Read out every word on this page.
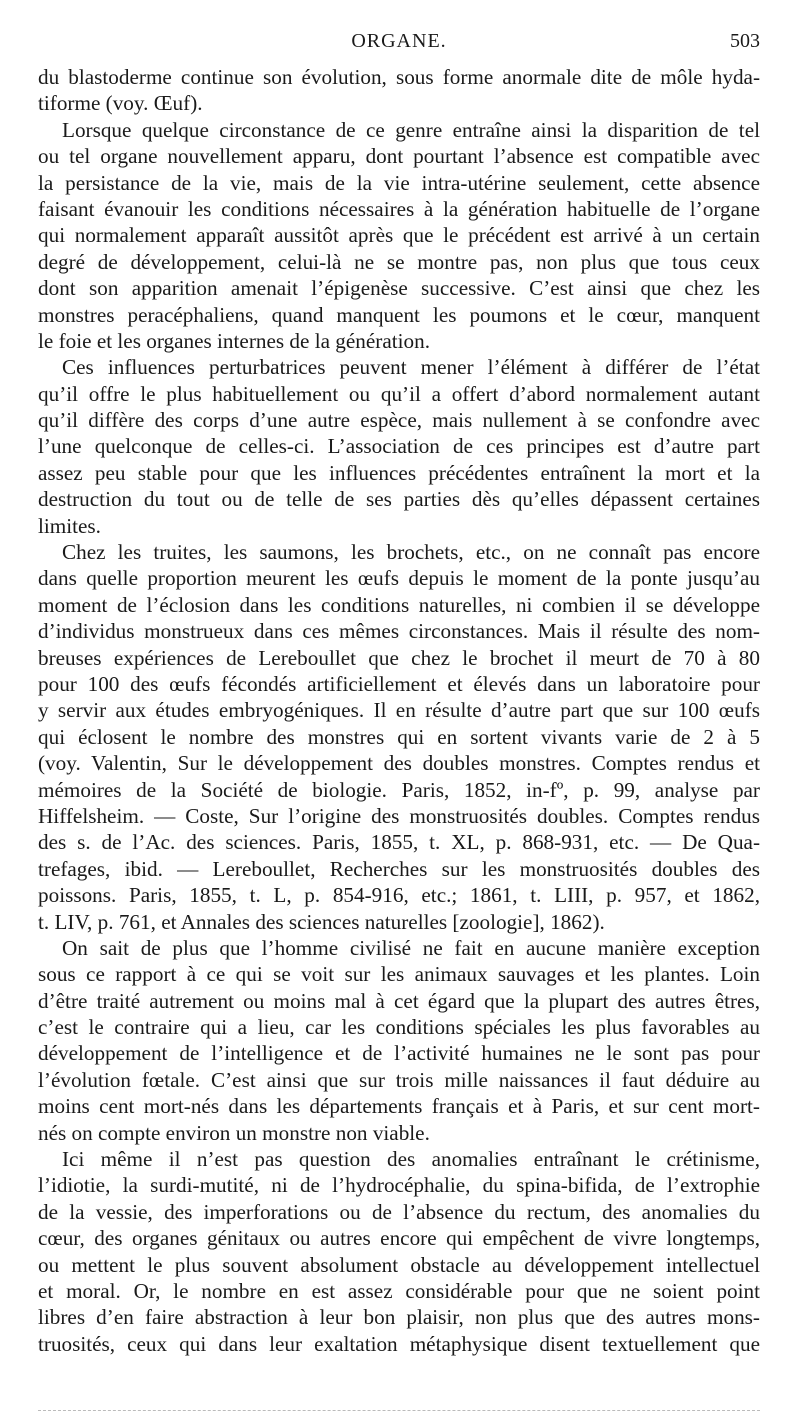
ORGANE.	503
du blastoderme continue son évolution, sous forme anormale dite de môle hyda-
tiforme (voy. Œuf).
Lorsque quelque circonstance de ce genre entraîne ainsi la disparition de tel
ou tel organe nouvellement apparu, dont pourtant l’absence est compatible avec
la persistance de la vie, mais de la vie intra-utérine seulement, cette absence
faisant évanouir les conditions nécessaires à la génération habituelle de l’organe
qui normalement apparaît aussitôt après que le précédent est arrivé à un certain
degré de développement, celui-là ne se montre pas, non plus que tous ceux
dont son apparition amenait l’épigenèse successive. C’est ainsi que chez les
monstres peracéphaliens, quand manquent les poumons et le cœur, manquent
le foie et les organes internes de la génération.
Ces influences perturbatrices peuvent mener l’élément à différer de l’état
qu’il offre le plus habituellement ou qu’il a offert d’abord normalement autant
qu’il diffère des corps d’une autre espèce, mais nullement à se confondre avec
l’une quelconque de celles-ci. L’association de ces principes est d’autre part
assez peu stable pour que les influences précédentes entraînent la mort et la
destruction du tout ou de telle de ses parties dès qu’elles dépassent certaines
limites.
Chez les truites, les saumons, les brochets, etc., on ne connaît pas encore
dans quelle proportion meurent les œufs depuis le moment de la ponte jusqu’au
moment de l’éclosion dans les conditions naturelles, ni combien il se développe
d’individus monstrueux dans ces mêmes circonstances. Mais il résulte des nom-
breuses expériences de Lereboullet que chez le brochet il meurt de 70 à 80
pour 100 des œufs fécondés artificiellement et élevés dans un laboratoire pour
y servir aux études embryogéniques. Il en résulte d’autre part que sur 100 œufs
qui éclosent le nombre des monstres qui en sortent vivants varie de 2 à 5
(voy. Valentin, Sur le développement des doubles monstres. Comptes rendus et
mémoires de la Société de biologie. Paris, 1852, in-fº, p. 99, analyse par
Hiffelsheim. — Coste, Sur l’origine des monstruosités doubles. Comptes rendus
des s. de l’Ac. des sciences. Paris, 1855, t. XL, p. 868-931, etc. — De Qua-
trefages, ibid. — Lereboullet, Recherches sur les monstruosités doubles des
poissons. Paris, 1855, t. L, p. 854-916, etc.; 1861, t. LIII, p. 957, et 1862,
t. LIV, p. 761, et Annales des sciences naturelles [zoologie], 1862).
On sait de plus que l’homme civilisé ne fait en aucune manière exception
sous ce rapport à ce qui se voit sur les animaux sauvages et les plantes. Loin
d’être traité autrement ou moins mal à cet égard que la plupart des autres êtres,
c’est le contraire qui a lieu, car les conditions spéciales les plus favorables au
développement de l’intelligence et de l’activité humaines ne le sont pas pour
l’évolution fœtale. C’est ainsi que sur trois mille naissances il faut déduire au
moins cent mort-nés dans les départements français et à Paris, et sur cent mort-
nés on compte environ un monstre non viable.
Ici même il n’est pas question des anomalies entraînant le crétinisme,
l’idiotie, la surdi-mutité, ni de l’hydrocéphalie, du spina-bifida, de l’extrophie
de la vessie, des imperforations ou de l’absence du rectum, des anomalies du
cœur, des organes génitaux ou autres encore qui empêchent de vivre longtemps,
ou mettent le plus souvent absolument obstacle au développement intellectuel
et moral. Or, le nombre en est assez considérable pour que ne soient point
libres d’en faire abstraction à leur bon plaisir, non plus que des autres mons-
truosités, ceux qui dans leur exaltation métaphysique disent textuellement que
